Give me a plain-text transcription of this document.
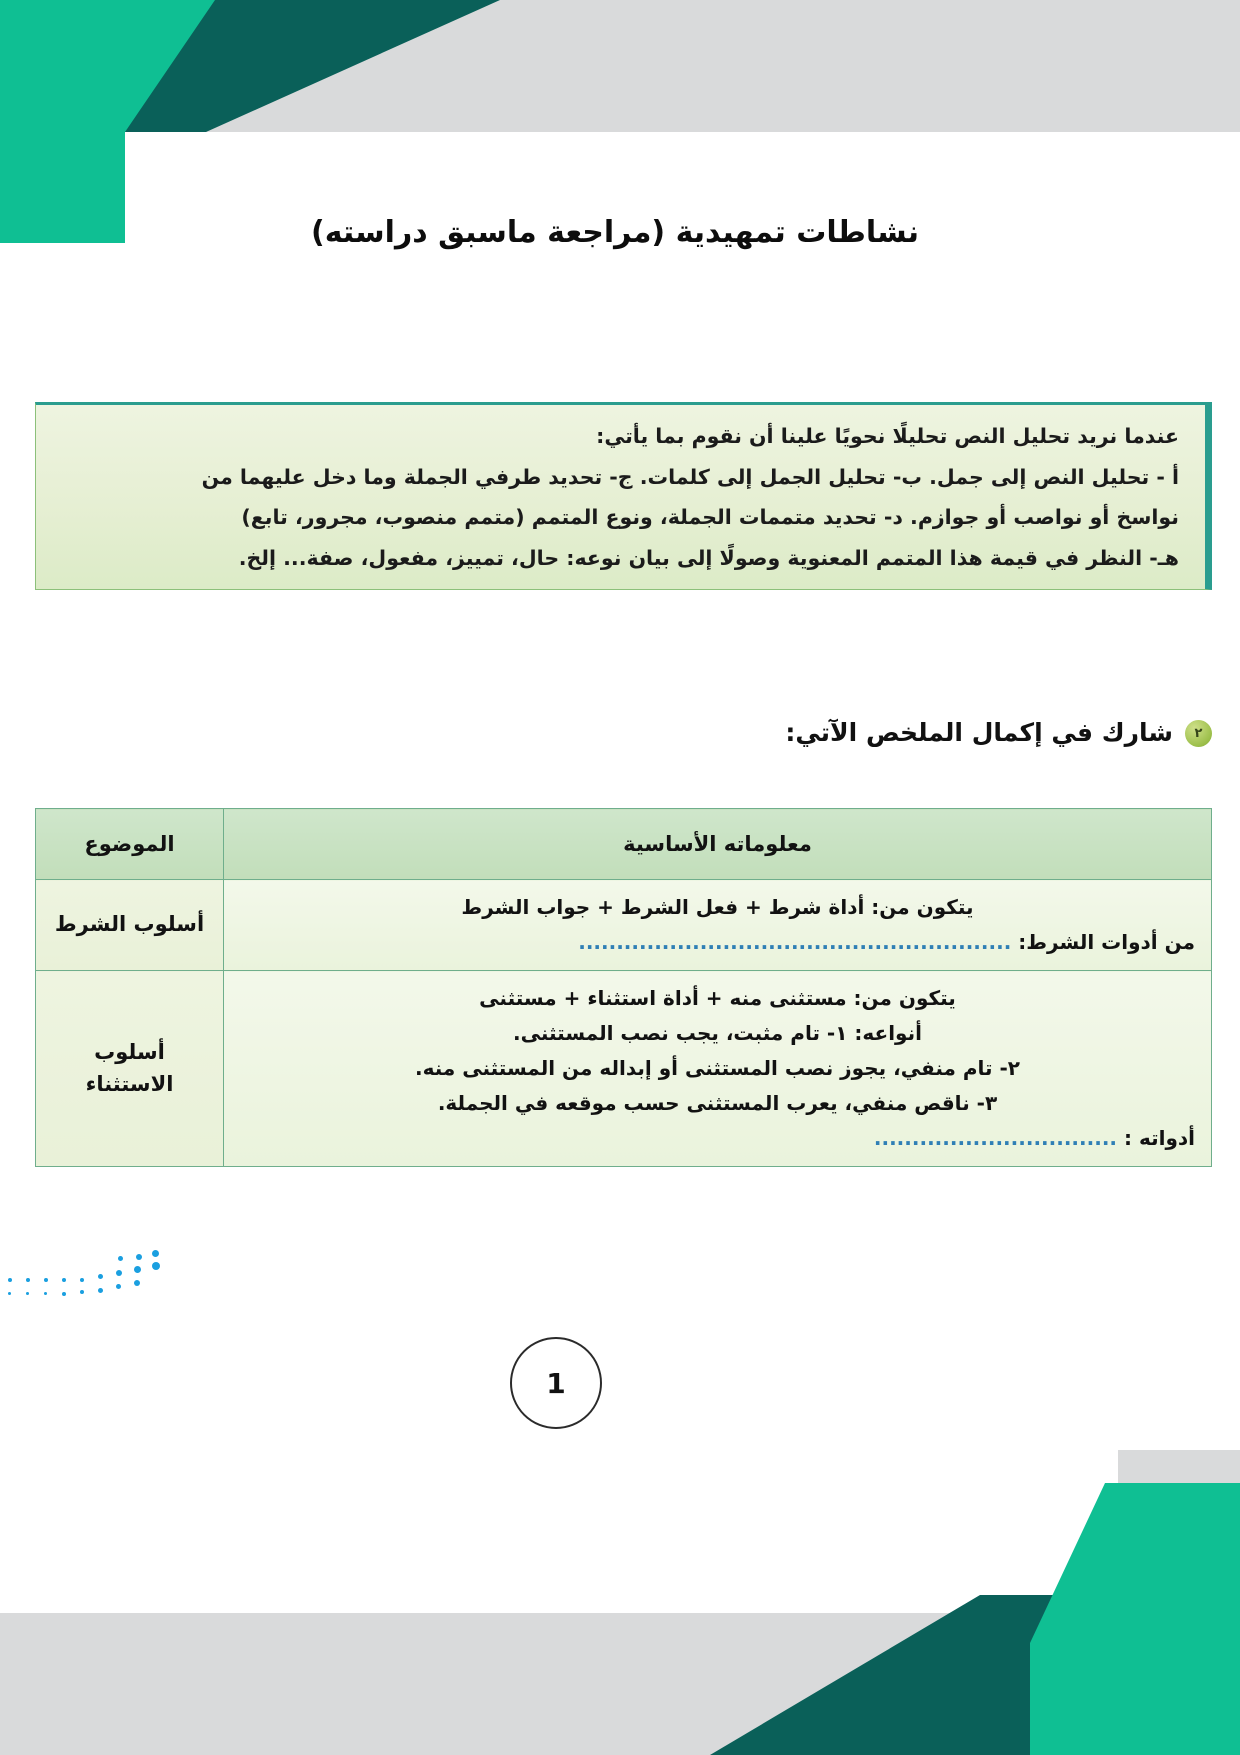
نشاطات تمهيدية (مراجعة ماسبق دراسته)

عندما نريد تحليل النص تحليلًا نحويًا علينا أن نقوم بما يأتي:

أ - تحليل النص إلى جمل. ب- تحليل الجمل إلى كلمات. ج- تحديد طرفي الجملة وما دخل عليهما من

نواسخ أو نواصب أو جوازم. د- تحديد متممات الجملة، ونوع المتمم (متمم منصوب، مجرور، تابع)

هـ- النظر في قيمة هذا المتمم المعنوية وصولًا إلى بيان نوعه: حال، تمييز، مفعول، صفة... إلخ.

٢
شارك في إكمال الملخص الآتي:
معلوماته الأساسية	الموضوع

يتكون من: أداة شرط + فعل الشرط + جواب الشرط
من أدوات الشرط: .........................................................	أسلوب الشرط

يتكون من: مستثنى منه + أداة استثناء + مستثنى
أنواعه: ١- تام مثبت، يجب نصب المستثنى.
٢- تام منفي، يجوز نصب المستثنى أو إبداله من المستثنى منه.
٣- ناقص منفي، يعرب المستثنى حسب موقعه في الجملة.
أدواته : ................................	أسلوب
الاستثناء
1
